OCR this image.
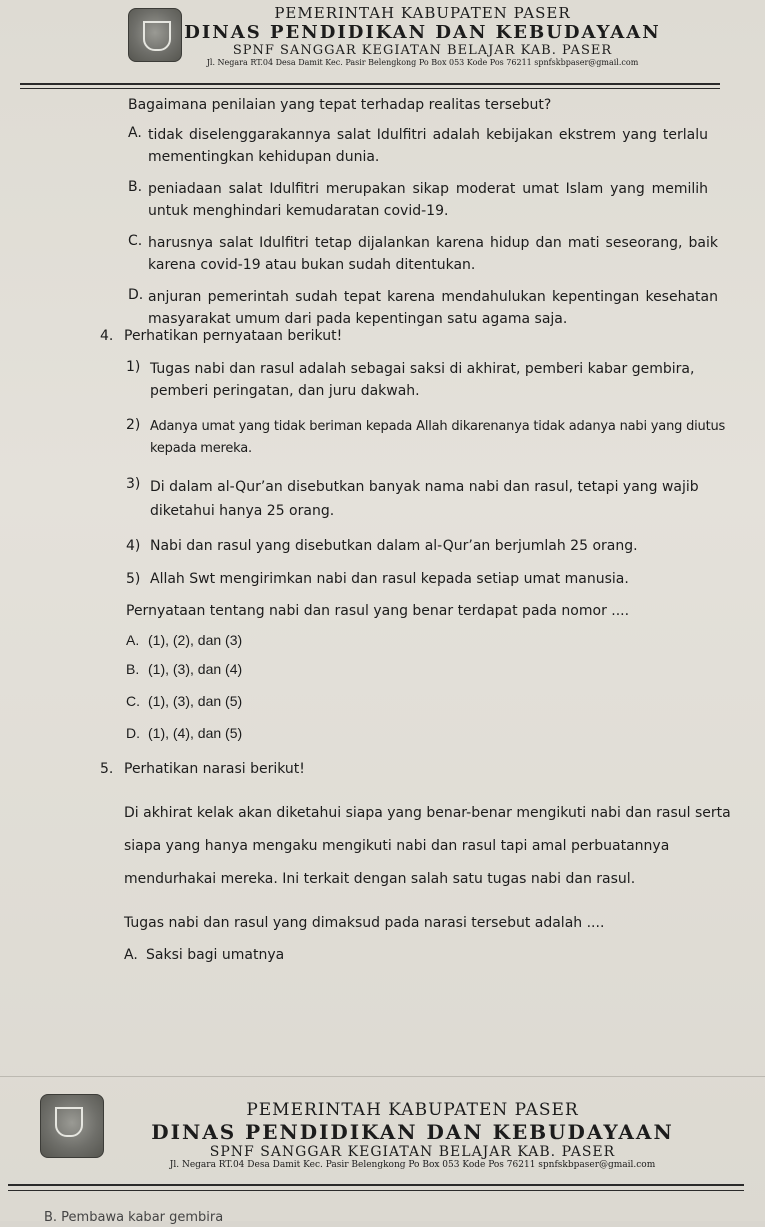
PEMERINTAH KABUPATEN PASER
DINAS PENDIDIKAN DAN KEBUDAYAAN
SPNF SANGGAR KEGIATAN BELAJAR KAB. PASER
Jl. Negara RT.04 Desa Damit Kec. Pasir Belengkong Po Box 053 Kode Pos 76211 spnfskbpaser@gmail.com
Bagaimana penilaian yang tepat terhadap realitas tersebut?
A. tidak diselenggarakannya salat Idulfitri adalah kebijakan ekstrem yang terlalu mementingkan kehidupan dunia.
B. peniadaan salat Idulfitri merupakan sikap moderat umat Islam yang memilih untuk menghindari kemudaratan covid-19.
C. harusnya salat Idulfitri tetap dijalankan karena hidup dan mati seseorang, baik karena covid-19 atau bukan sudah ditentukan.
D. anjuran pemerintah sudah tepat karena mendahulukan kepentingan kesehatan masyarakat umum dari pada kepentingan satu agama saja.
4. Perhatikan pernyataan berikut!
1) Tugas nabi dan rasul adalah sebagai saksi di akhirat, pemberi kabar gembira, pemberi peringatan, dan juru dakwah.
2) Adanya umat yang tidak beriman kepada Allah dikarenanya tidak adanya nabi yang diutus kepada mereka.
3) Di dalam al-Qur’an disebutkan banyak nama nabi dan rasul, tetapi yang wajib diketahui hanya 25 orang.
4) Nabi dan rasul yang disebutkan dalam al-Qur’an berjumlah 25 orang.
5) Allah Swt mengirimkan nabi dan rasul kepada setiap umat manusia.
Pernyataan tentang nabi dan rasul yang benar terdapat pada nomor ....
A. (1), (2), dan (3)
B. (1), (3), dan (4)
C. (1), (3), dan (5)
D. (1), (4), dan (5)
5. Perhatikan narasi berikut!
Di akhirat kelak akan diketahui siapa yang benar-benar mengikuti nabi dan rasul serta siapa yang hanya mengaku mengikuti nabi dan rasul tapi amal perbuatannya mendurhakai mereka. Ini terkait dengan salah satu tugas nabi dan rasul.
Tugas nabi dan rasul yang dimaksud pada narasi tersebut adalah ....
A. Saksi bagi umatnya
PEMERINTAH KABUPATEN PASER
DINAS PENDIDIKAN DAN KEBUDAYAAN
SPNF SANGGAR KEGIATAN BELAJAR KAB. PASER
Jl. Negara RT.04 Desa Damit Kec. Pasir Belengkong Po Box 053 Kode Pos 76211 spnfskbpaser@gmail.com
B. Pembawa kabar gembira
